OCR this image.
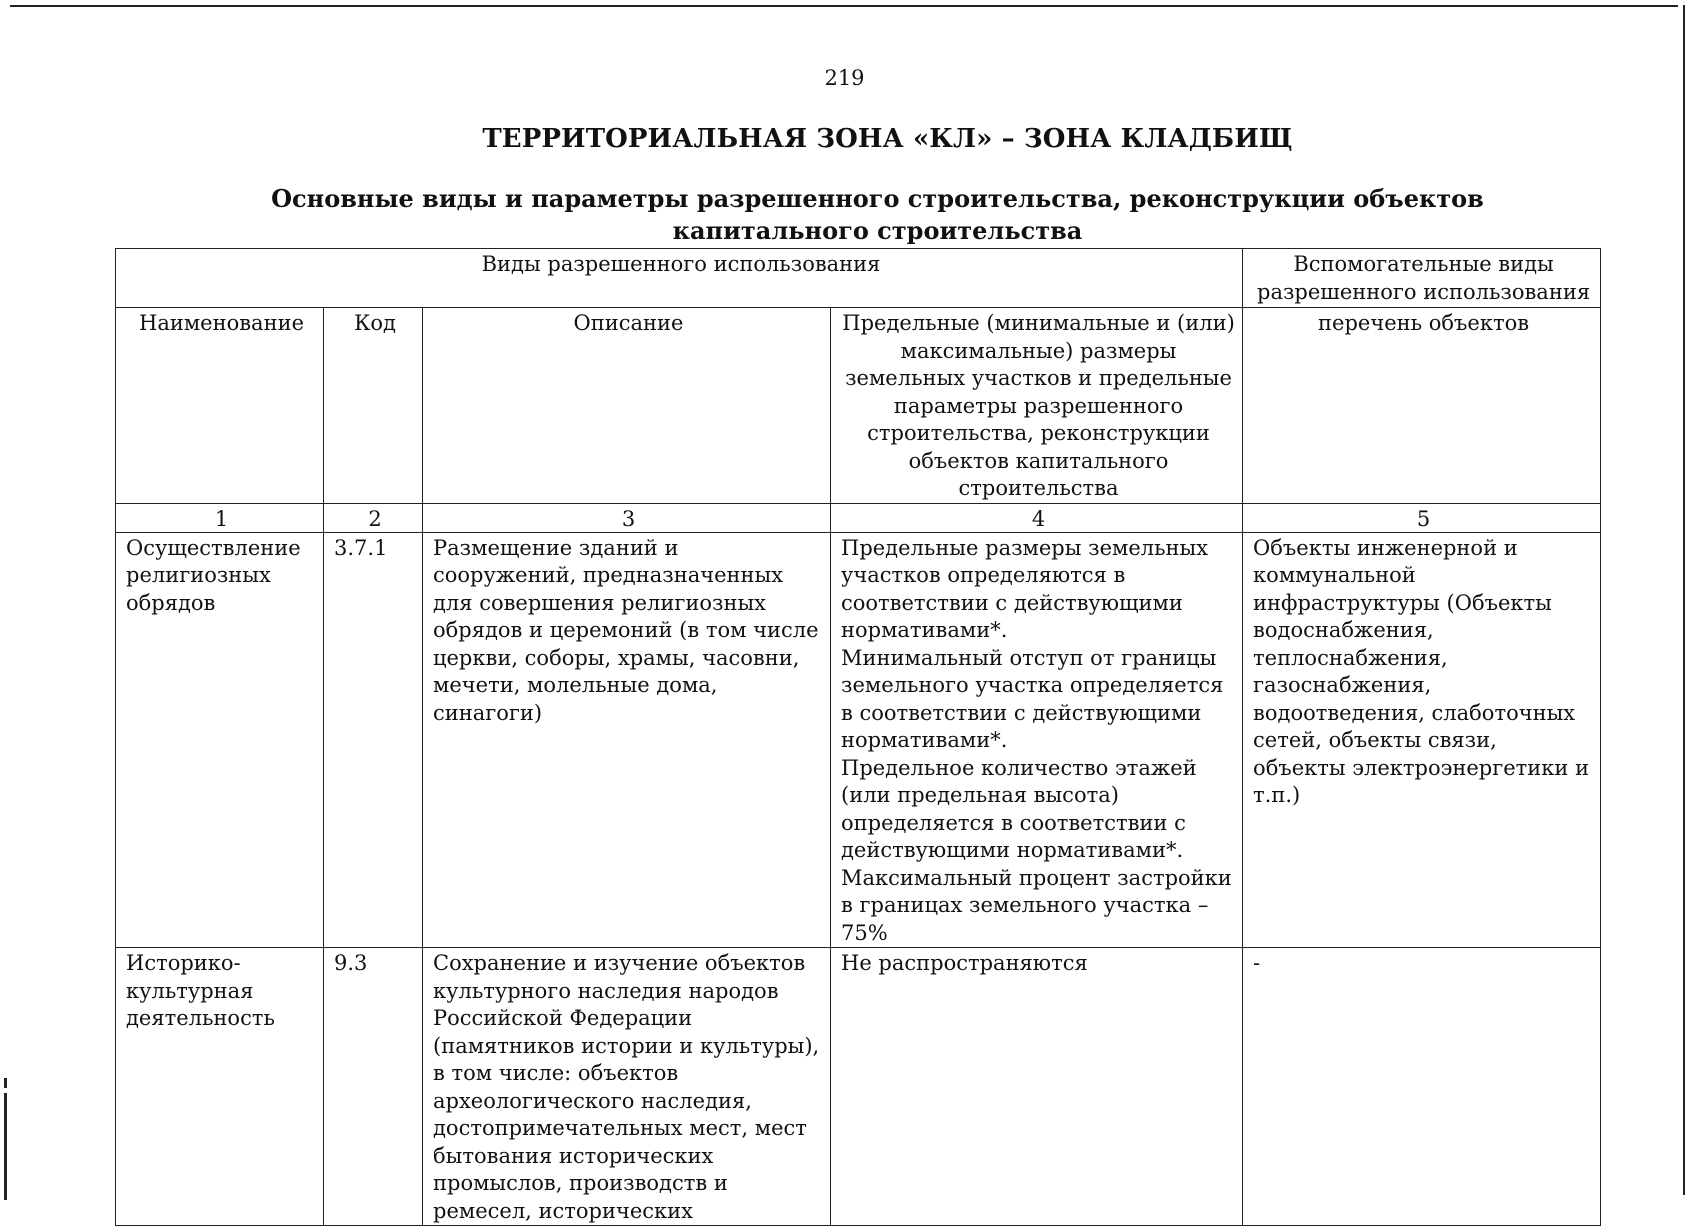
219
ТЕРРИТОРИАЛЬНАЯ ЗОНА «КЛ» – ЗОНА КЛАДБИЩ
Основные виды и параметры разрешенного строительства, реконструкции объектов капитального строительства
Виды разрешенного использования				Вспомогательные виды разрешенного использования
Наименование	Код	Описание	Предельные (минимальные и (или) максимальные) размеры земельных участков и предельные параметры разрешенного строительства, реконструкции объектов капитального строительства	перечень объектов
1	2	3	4	5
Осуществление религиозных обрядов	3.7.1	Размещение зданий и сооружений, предназначенных для совершения религиозных обрядов и церемоний (в том числе церкви, соборы, храмы, часовни, мечети, молельные дома, синагоги)	Предельные размеры земельных участков определяются в соответствии с действующими нормативами*.
Минимальный отступ от границы земельного участка определяется в соответствии с действующими нормативами*.
Предельное количество этажей (или предельная высота) определяется в соответствии с действующими нормативами*.
Максимальный процент застройки в границах земельного участка – 75%	Объекты инженерной и коммунальной инфраструктуры (Объекты водоснабжения, теплоснабжения, газоснабжения, водоотведения, слаботочных сетей, объекты связи, объекты электроэнергетики и т.п.)
Историко-культурная деятельность	9.3	Сохранение и изучение объектов культурного наследия народов Российской Федерации (памятников истории и культуры), в том числе: объектов археологического наследия, достопримечательных мест, мест бытования исторических промыслов, производств и ремесел, исторических	Не распространяются	-
